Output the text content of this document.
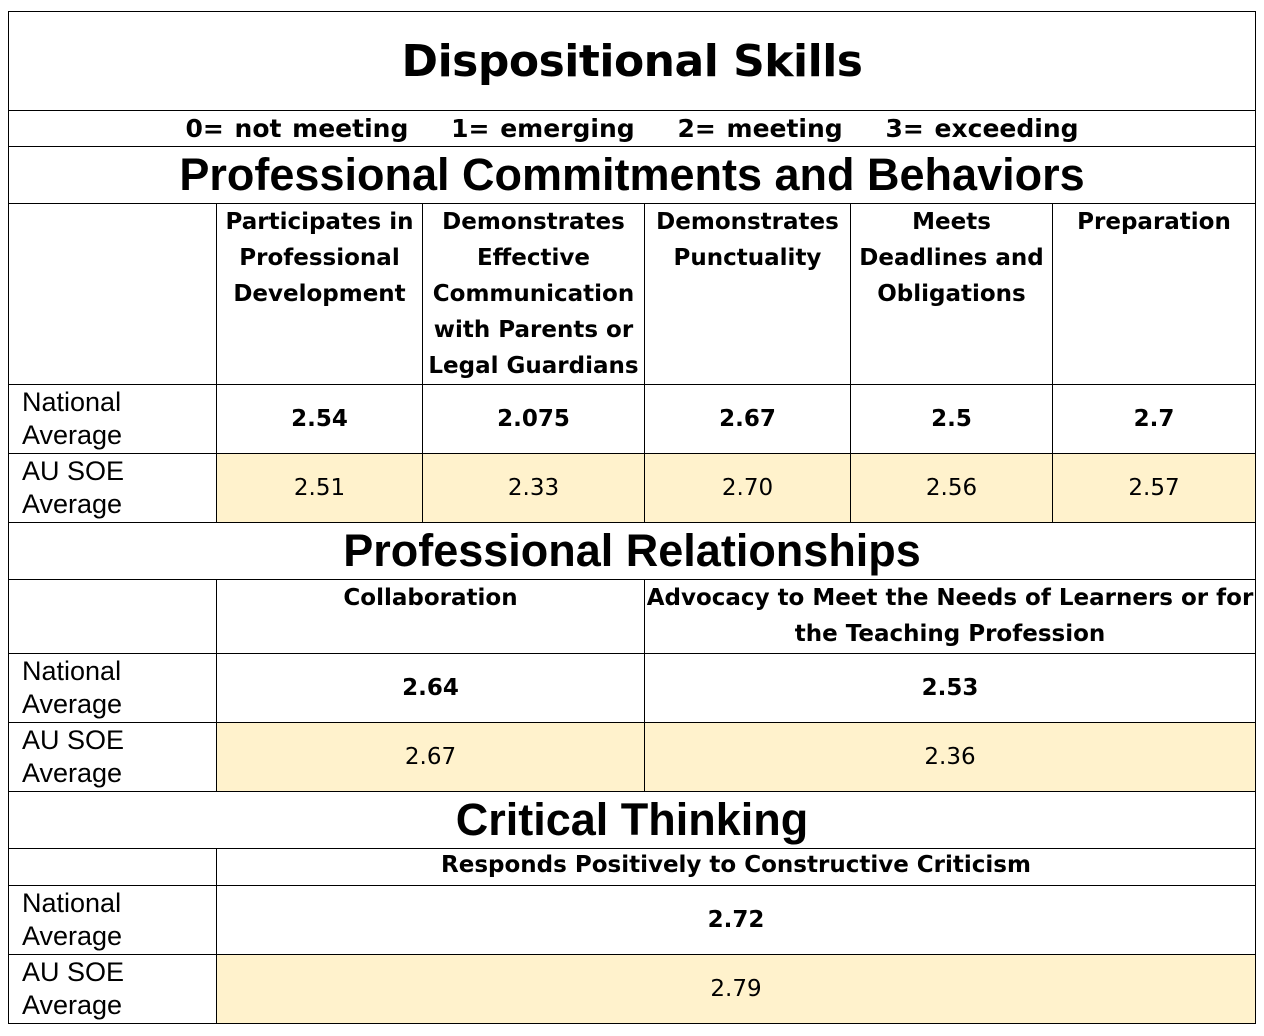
Dispositional Skills					
0= not meeting    1= emerging    2= meeting    3= exceeding					
Professional Commitments and Behaviors					

	Participates in
Professional
Development	Demonstrates
Effective
Communication
with Parents or
Legal Guardians	Demonstrates
Punctuality	Meets
Deadlines and
Obligations	Preparation

National
Average	2.54	2.075	2.67	2.5	2.7

AU SOE
Average	2.51	2.33	2.70	2.56	2.57
Professional Relationships					

	Collaboration		Advocacy to Meet the Needs of Learners or for
the Teaching Profession		

National
Average	2.64		2.53		

AU SOE
Average	2.67		2.36		
Critical Thinking					

	Responds Positively to Constructive Criticism				

National
Average	2.72				

AU SOE
Average	2.79				
